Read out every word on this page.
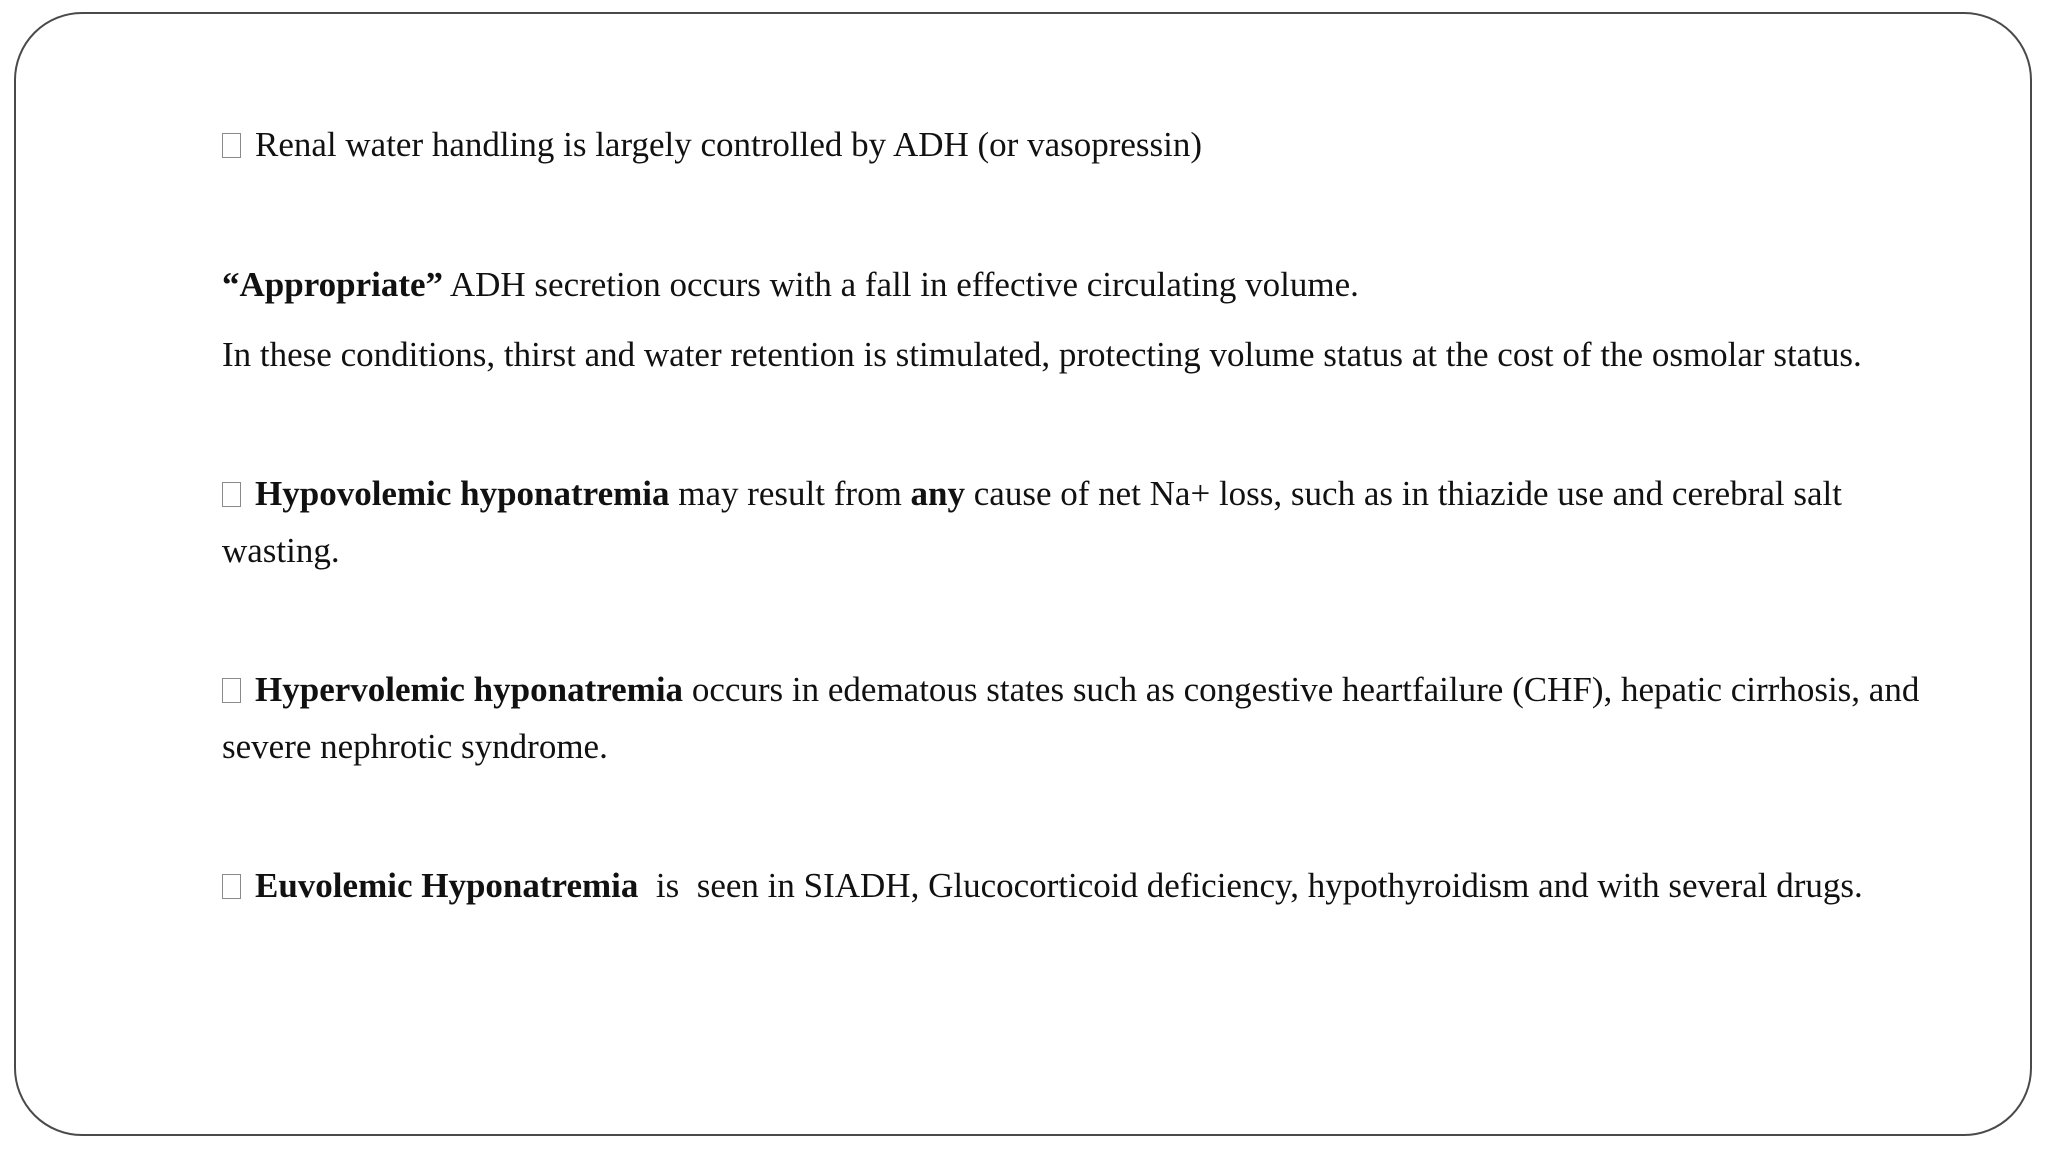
Renal water handling is largely controlled by ADH (or vasopressin)
“Appropriate” ADH secretion occurs with a fall in effective circulating volume.
In these conditions, thirst and water retention is stimulated, protecting volume status at the cost of the osmolar status.
Hypovolemic hyponatremia may result from any cause of net Na+ loss, such as in thiazide use and cerebral salt wasting.
Hypervolemic hyponatremia occurs in edematous states such as congestive heartfailure (CHF), hepatic cirrhosis, and severe nephrotic syndrome.
Euvolemic Hyponatremia  is  seen in SIADH, Glucocorticoid deficiency, hypothyroidism and with several drugs.
